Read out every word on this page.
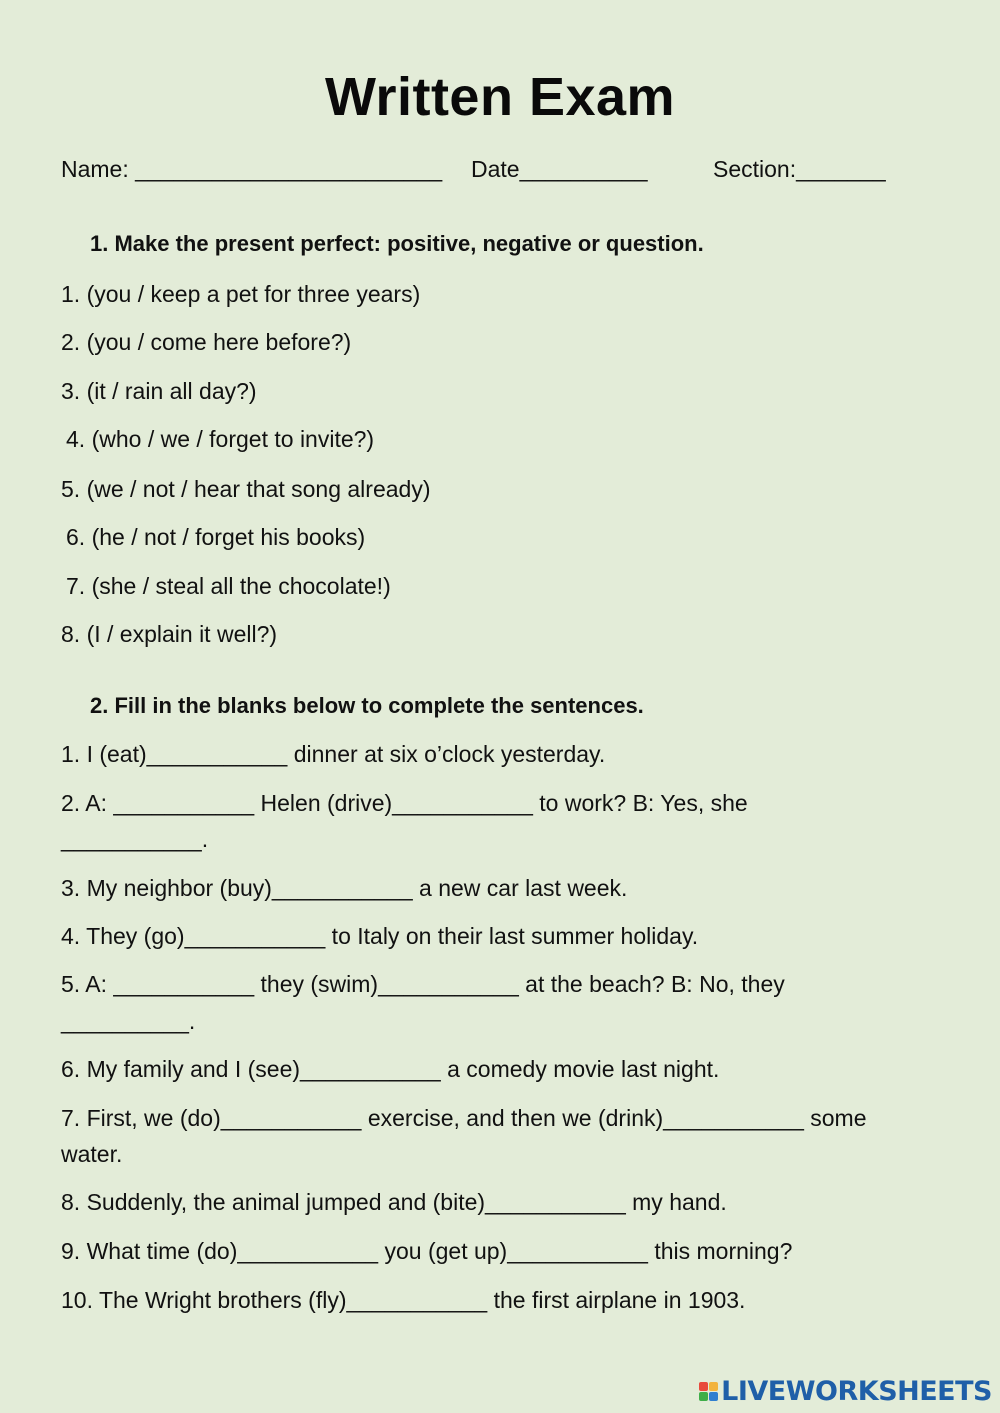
Written Exam
Name: ________________________ Date__________	Section:_______
1. Make the present perfect: positive, negative or question.
1. (you / keep a pet for three years)
2. (you / come here before?)
3. (it / rain all day?)
4. (who / we / forget to invite?)
5. (we / not / hear that song already)
6. (he / not / forget his books)
7. (she / steal all the chocolate!)
8. (I / explain it well?)
2. Fill in the blanks below to complete the sentences.
1. I (eat)___________ dinner at six o’clock yesterday.
2. A: ___________ Helen (drive)___________ to work? B: Yes, she
___________.
3. My neighbor (buy)___________ a new car last week.
4. They (go)___________ to Italy on their last summer holiday.
5. A: ___________ they (swim)___________ at the beach? B: No, they
__________.
6. My family and I (see)___________ a comedy movie last night.
7. First, we (do)___________ exercise, and then we (drink)___________ some
water.
8. Suddenly, the animal jumped and (bite)___________ my hand.
9. What time (do)___________ you (get up)___________ this morning?
10. The Wright brothers (fly)___________ the first airplane in 1903.
LIVEWORKSHEETS
